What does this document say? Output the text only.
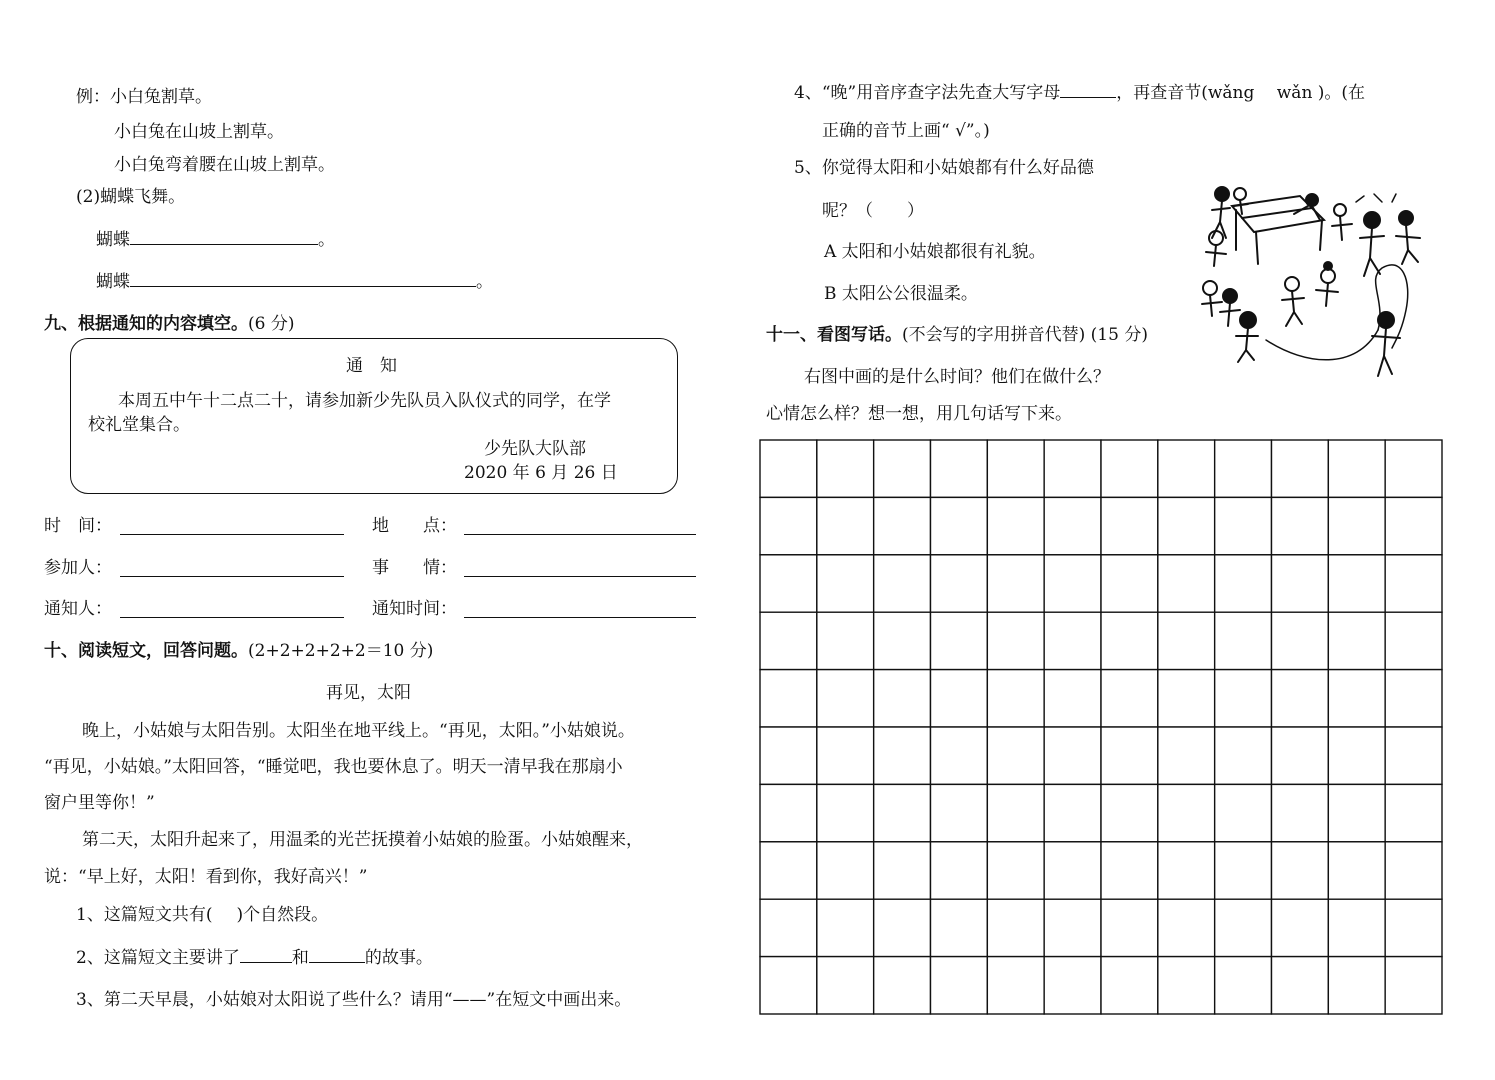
例：小白兔割草。
小白兔在山坡上割草。
小白兔弯着腰在山坡上割草。
(2)蝴蝶飞舞。
蝴蝶	。
蝴蝶	。
九、根据通知的内容填空。(6 分)
通　知
本周五中午十二点二十，请参加新少先队员入队仪式的同学，在学
校礼堂集合。
少先队大队部
2020 年 6 月 26 日
时　间：	地　　点：
参加人：	事　　情：
通知人：	通知时间：
十、阅读短文，回答问题。(2+2+2+2+2＝10 分)
再见，太阳
晚上，小姑娘与太阳告别。太阳坐在地平线上。“再见，太阳。”小姑娘说。
“再见，小姑娘。”太阳回答，“睡觉吧，我也要休息了。明天一清早我在那扇小
窗户里等你！”
第二天，太阳升起来了，用温柔的光芒抚摸着小姑娘的脸蛋。小姑娘醒来，
说：“早上好，太阳！看到你，我好高兴！”
1、这篇短文共有( )个自然段。
2、这篇短文主要讲了	和	的故事。
3、第二天早晨，小姑娘对太阳说了些什么？请用“——”在短文中画出来。
4、“晚”用音序查字法先查大写字母	，再查音节(wǎng　 wǎn )。(在
正确的音节上画“ √”。)
5、你觉得太阳和小姑娘都有什么好品德
呢？（　　）
A 太阳和小姑娘都很有礼貌。
B 太阳公公很温柔。
十一、看图写话。(不会写的字用拼音代替) (15 分)
右图中画的是什么时间？他们在做什么？
心情怎么样？想一想，用几句话写下来。
